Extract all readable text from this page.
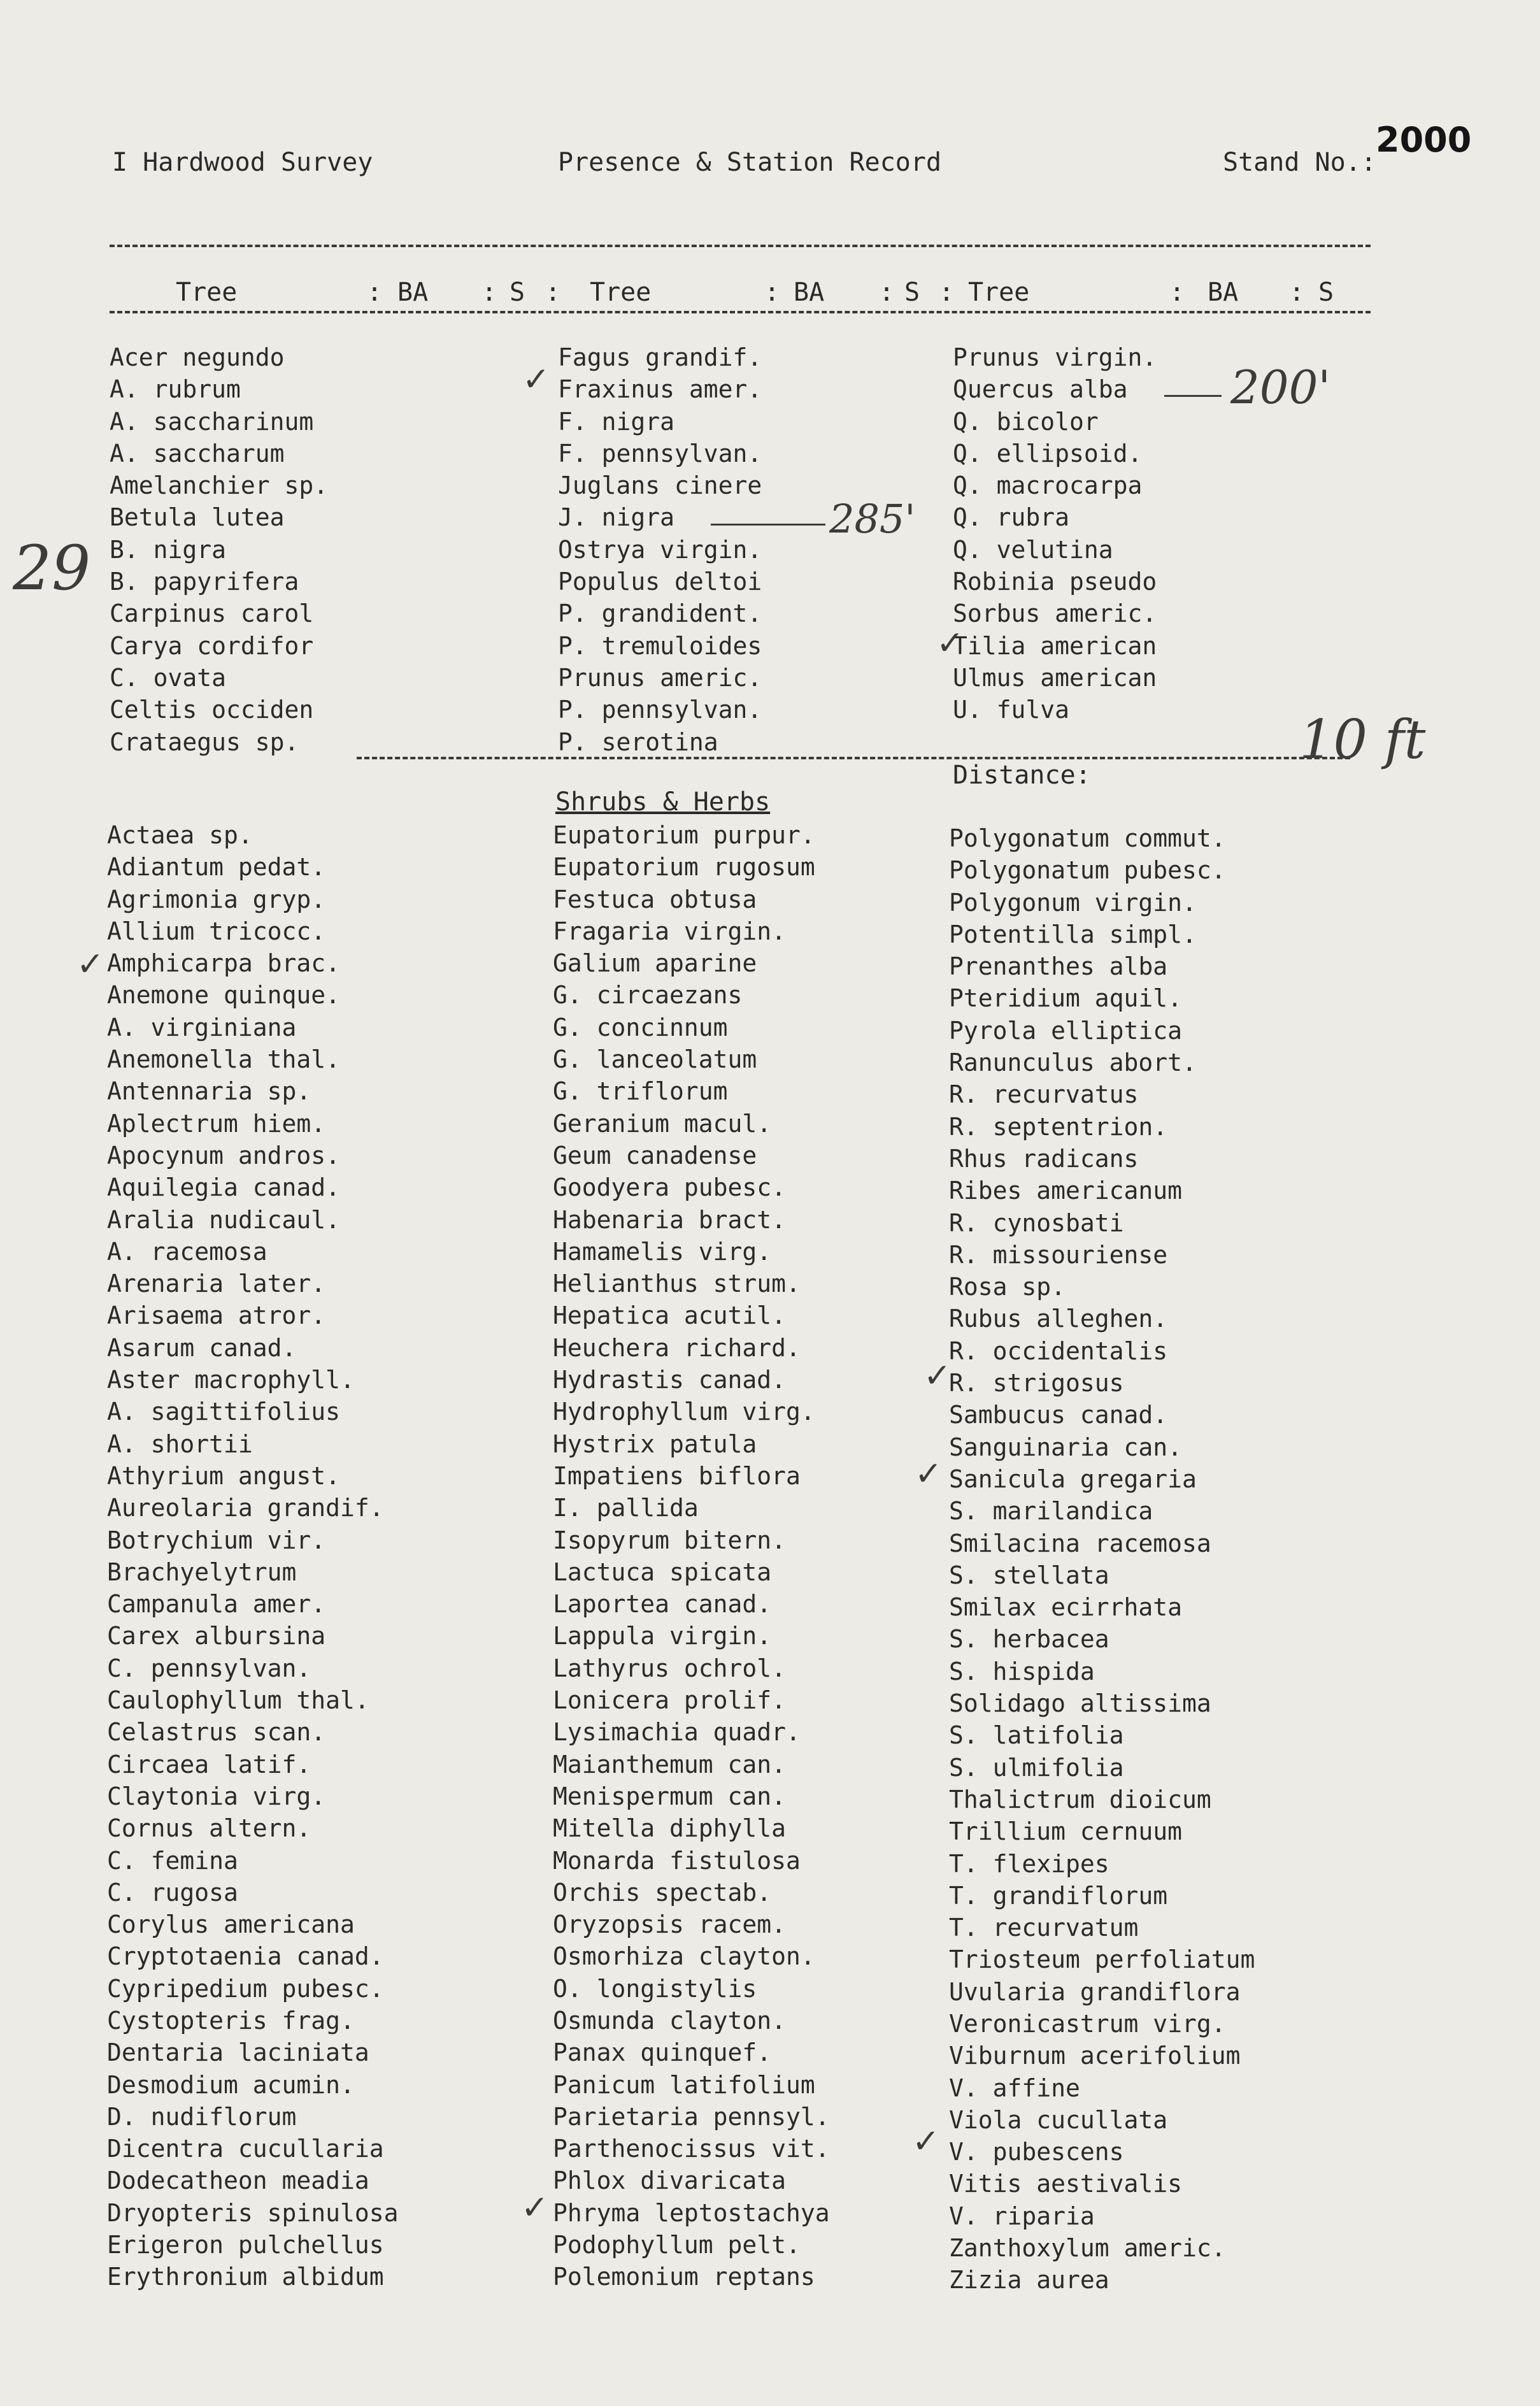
I Hardwood Survey	Presence & Station Record	Stand No.:
2000
Tree	: BA : S : Tree	: BA : S : Tree	: BA : S
Acer negundo
A. rubrum
A. saccharinum
A. saccharum
Amelanchier sp.
Betula lutea
B. nigra
B. papyrifera
Carpinus carol
Carya cordifor
C. ovata
Celtis occiden
Crataegus sp.
Fagus grandif.
Fraxinus amer.
F. nigra
F. pennsylvan.
Juglans cinere
J. nigra
Ostrya virgin.
Populus deltoi
P. grandident.
P. tremuloides
Prunus americ.
P. pennsylvan.
P. serotina
Prunus virgin.
Quercus alba
Q. bicolor
Q. ellipsoid.
Q. macrocarpa
Q. rubra
Q. velutina
Robinia pseudo
Sorbus americ.
Tilia american
Ulmus american
U. fulva
Distance:
Shrubs & Herbs
Actaea sp.
Adiantum pedat.
Agrimonia gryp.
Allium tricocc.
Amphicarpa brac.
Anemone quinque.
A. virginiana
Anemonella thal.
Antennaria sp.
Aplectrum hiem.
Apocynum andros.
Aquilegia canad.
Aralia nudicaul.
A. racemosa
Arenaria later.
Arisaema atror.
Asarum canad.
Aster macrophyll.
A. sagittifolius
A. shortii
Athyrium angust.
Aureolaria grandif.
Botrychium vir.
Brachyelytrum
Campanula amer.
Carex albursina
C. pennsylvan.
Caulophyllum thal.
Celastrus scan.
Circaea latif.
Claytonia virg.
Cornus altern.
C. femina
C. rugosa
Corylus americana
Cryptotaenia canad.
Cypripedium pubesc.
Cystopteris frag.
Dentaria laciniata
Desmodium acumin.
D. nudiflorum
Dicentra cucullaria
Dodecatheon meadia
Dryopteris spinulosa
Erigeron pulchellus
Erythronium albidum
Eupatorium purpur.
Eupatorium rugosum
Festuca obtusa
Fragaria virgin.
Galium aparine
G. circaezans
G. concinnum
G. lanceolatum
G. triflorum
Geranium macul.
Geum canadense
Goodyera pubesc.
Habenaria bract.
Hamamelis virg.
Helianthus strum.
Hepatica acutil.
Heuchera richard.
Hydrastis canad.
Hydrophyllum virg.
Hystrix patula
Impatiens biflora
I. pallida
Isopyrum bitern.
Lactuca spicata
Laportea canad.
Lappula virgin.
Lathyrus ochrol.
Lonicera prolif.
Lysimachia quadr.
Maianthemum can.
Menispermum can.
Mitella diphylla
Monarda fistulosa
Orchis spectab.
Oryzopsis racem.
Osmorhiza clayton.
O. longistylis
Osmunda clayton.
Panax quinquef.
Panicum latifolium
Parietaria pennsyl.
Parthenocissus vit.
Phlox divaricata
Phryma leptostachya
Podophyllum pelt.
Polemonium reptans
Polygonatum commut.
Polygonatum pubesc.
Polygonum virgin.
Potentilla simpl.
Prenanthes alba
Pteridium aquil.
Pyrola elliptica
Ranunculus abort.
R. recurvatus
R. septentrion.
Rhus radicans
Ribes americanum
R. cynosbati
R. missouriense
Rosa sp.
Rubus alleghen.
R. occidentalis
R. strigosus
Sambucus canad.
Sanguinaria can.
Sanicula gregaria
S. marilandica
Smilacina racemosa
S. stellata
Smilax ecirrhata
S. herbacea
S. hispida
Solidago altissima
S. latifolia
S. ulmifolia
Thalictrum dioicum
Trillium cernuum
T. flexipes
T. grandiflorum
T. recurvatum
Triosteum perfoliatum
Uvularia grandiflora
Veronicastrum virg.
Viburnum acerifolium
V. affine
Viola cucullata
V. pubescens
Vitis aestivalis
V. riparia
Zanthoxylum americ.
Zizia aurea
29
200'
285'
10 ft
✓
✓
✓
✓
✓
✓
✓
